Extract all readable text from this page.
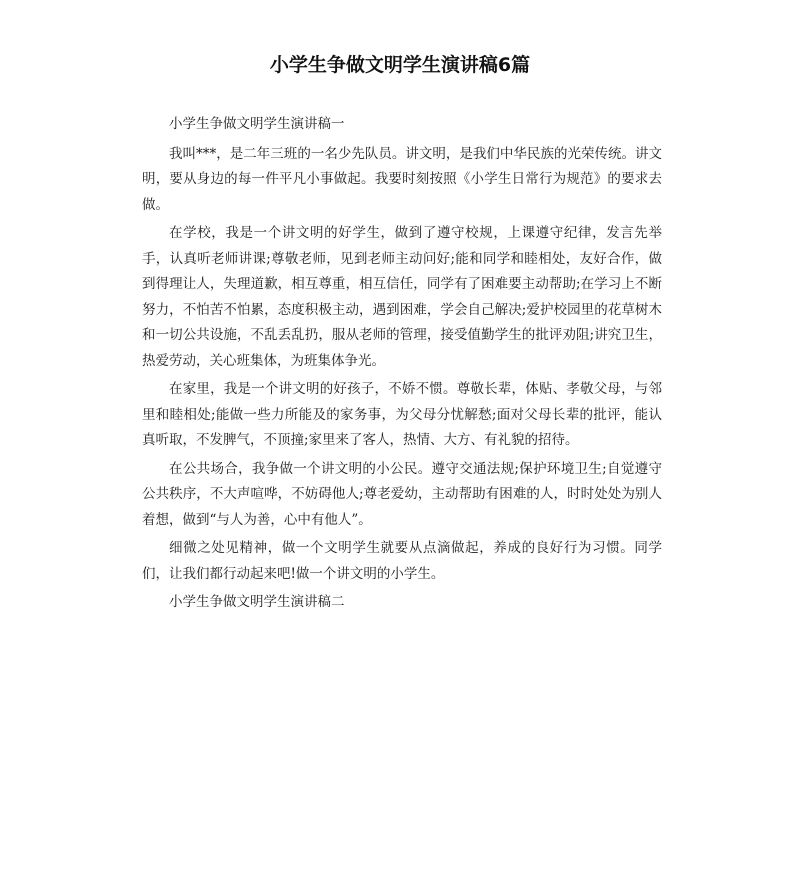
小学生争做文明学生演讲稿6篇

小学生争做文明学生演讲稿一

我叫***，是二年三班的一名少先队员。讲文明，是我们中华民族的光荣传统。讲文明，要从身边的每一件平凡小事做起。我要时刻按照《小学生日常行为规范》的要求去做。

在学校，我是一个讲文明的好学生，做到了遵守校规，上课遵守纪律，发言先举手，认真听老师讲课;尊敬老师，见到老师主动问好;能和同学和睦相处，友好合作，做到得理让人，失理道歉，相互尊重，相互信任，同学有了困难要主动帮助;在学习上不断努力，不怕苦不怕累，态度积极主动，遇到困难，学会自己解决;爱护校园里的花草树木和一切公共设施，不乱丢乱扔，服从老师的管理，接受值勤学生的批评劝阻;讲究卫生，热爱劳动，关心班集体，为班集体争光。

在家里，我是一个讲文明的好孩子，不娇不惯。尊敬长辈，体贴、孝敬父母，与邻里和睦相处;能做一些力所能及的家务事，为父母分忧解愁;面对父母长辈的批评，能认真听取，不发脾气，不顶撞;家里来了客人，热情、大方、有礼貌的招待。

在公共场合，我争做一个讲文明的小公民。遵守交通法规;保护环境卫生;自觉遵守公共秩序，不大声喧哗，不妨碍他人;尊老爱幼，主动帮助有困难的人，时时处处为别人着想，做到“与人为善，心中有他人”。

细微之处见精神，做一个文明学生就要从点滴做起，养成的良好行为习惯。同学们，让我们都行动起来吧!做一个讲文明的小学生。

小学生争做文明学生演讲稿二
